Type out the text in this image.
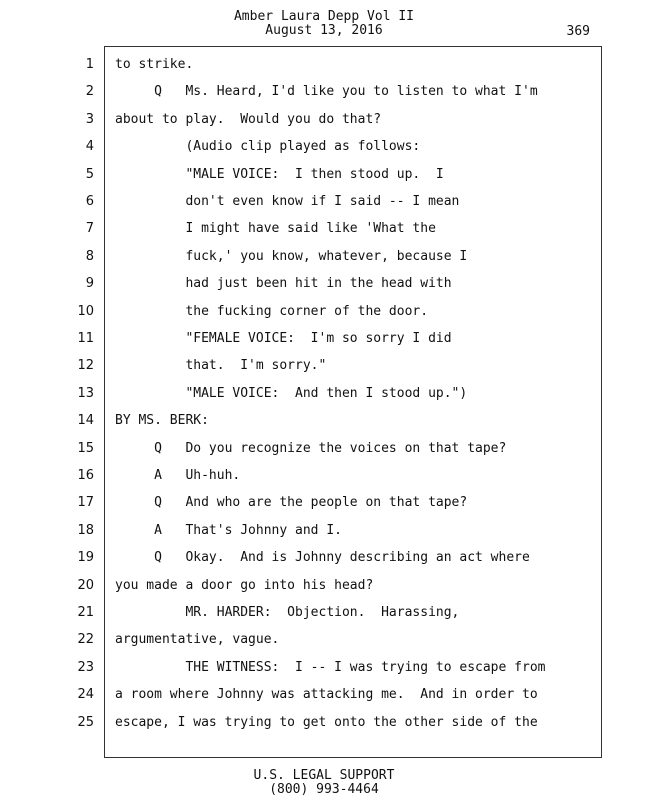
Amber Laura Depp Vol II
August 13, 2016	369
1 to strike.
2 Q   Ms. Heard, I'd like you to listen to what I'm
3 about to play.  Would you do that?
4 (Audio clip played as follows:
5 "MALE VOICE:  I then stood up.  I
6 don't even know if I said -- I mean
7 I might have said like 'What the
8 fuck,' you know, whatever, because I
9 had just been hit in the head with
10 the fucking corner of the door.
11 "FEMALE VOICE:  I'm so sorry I did
12 that.  I'm sorry."
13 "MALE VOICE:  And then I stood up.")
14 BY MS. BERK:
15 Q   Do you recognize the voices on that tape?
16 A   Uh-huh.
17 Q   And who are the people on that tape?
18 A   That's Johnny and I.
19 Q   Okay.  And is Johnny describing an act where
20 you made a door go into his head?
21 MR. HARDER:  Objection.  Harassing,
22 argumentative, vague.
23 THE WITNESS:  I -- I was trying to escape from
24 a room where Johnny was attacking me.  And in order to
25 escape, I was trying to get onto the other side of the
U.S. LEGAL SUPPORT
(800) 993-4464
